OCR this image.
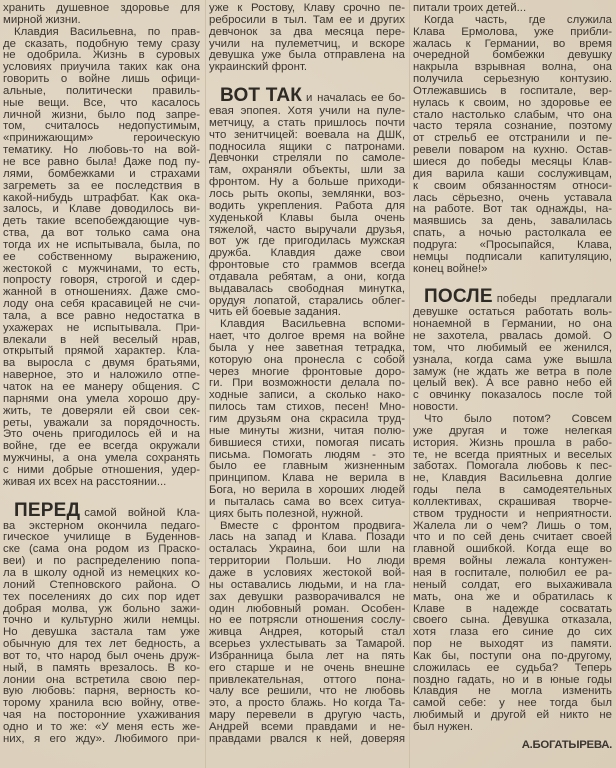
хранить душевное здоровье для
мирной жизни.
Клавдия Васильевна, по прав-
де сказать, подобную тему сразу
не одобрила. Жизнь в суровых
условиях приучила таких как она
говорить о войне лишь офици-
альные, политически правиль-
ные вещи. Все, что касалось
личной жизни, было под запре-
том, считалось недопустимым,
«принижающим» героическую
тематику. Но любовь-то на вой-
не все равно была! Даже под пу-
лями, бомбежками и страхами
загреметь за ее последствия в
какой-нибудь штрафбат. Как ока-
залось, и Клаве доводилось ви-
деть такие всепобеждающие чув-
ства, да вот только сама она
тогда их не испытывала, была, по
ее собственному выражению,
жестокой с мужчинами, то есть,
попросту говоря, строгой и сдер-
жанной в отношениях. Даже смо-
лоду она себя красавицей не счи-
тала, а все равно недостатка в
ухажерах не испытывала. При-
влекали в ней веселый нрав,
открытый прямой характер. Кла-
ва выросла с двумя братьями,
наверное, это и наложило отпе-
чаток на ее манеру общения. С
парнями она умела хорошо дру-
жить, те доверяли ей свои сек-
реты, уважали за порядочность.
Это очень пригодилось ей и на
войне, где ее всегда окружали
мужчины, а она умела сохранять
с ними добрые отношения, удер-
живая их всех на расстоянии...
ПЕРЕД самой войной Кла-
ва экстерном окончила педаго-
гическое училище в Буденнов-
ске (сама она родом из Праско-
веи) и по распределению попа-
ла в школу одной из немецких ко-
лоний Степновского района. О
тех поселениях до сих пор идет
добрая молва, уж больно зажи-
точно и культурно жили немцы.
Но девушка застала там уже
обычную для тех лет бедность, а
вот то, что народ был очень друж-
ный, в память врезалось. В ко-
лонии она встретила свою пер-
вую любовь: парня, верность ко-
торому хранила всю войну, отве-
чая на посторонние ухаживания
одно и то же: «У меня есть же-
них, я его жду». Любимого при-
уже к Ростову, Клаву срочно пе-
ребросили в тыл. Там ее и других
девчонок за два месяца пере-
учили на пулеметчиц, и вскоре
девушка уже была отправлена на
украинский фронт.
ВОТ ТАК и началась ее бо-
евая эпопея. Хотя учили на пуле-
метчицу, а стать пришлось почти
что зенитчицей: воевала на ДШК,
подносила ящики с патронами.
Девчонки стреляли по самоле-
там, охраняли объекты, шли за
фронтом. Ну а больше приходи-
лось рыть окопы, землянки, воз-
водить укрепления. Работа для
худенькой Клавы была очень
тяжелой, часто выручали друзья,
вот уж где пригодилась мужская
дружба. Клавдия даже свои
фронтовые сто граммов всегда
отдавала ребятам, а они, когда
выдавалась свободная минутка,
орудуя лопатой, старались облег-
чить ей боевые задания.
Клавдия Васильевна вспоми-
нает, что долгое время на войне
была у нее заветная тетрадка,
которую она пронесла с собой
через многие фронтовые доро-
ги. При возможности делала по-
ходные записи, а сколько нако-
пилось там стихов, песен! Мно-
гим друзьям она скрасила труд-
ные минуты жизни, читая полю-
бившиеся стихи, помогая писать
письма. Помогать людям - это
было ее главным жизненным
принципом. Клава не верила в
Бога, но верила в хороших людей
и пыталась сама во всех ситуа-
циях быть полезной, нужной.
Вместе с фронтом продвига-
лась на запад и Клава. Позади
осталась Украина, бои шли на
территории Польши. Но люди
даже в условиях жестокой вой-
ны оставались людьми, и на гла-
зах девушки разворачивался не
один любовный роман. Особен-
но ее потрясли отношения сослу-
живца Андрея, который стал
всерьез ухлестывать за Тамарой.
Избранница была лет на пять
его старше и не очень внешне
привлекательная, оттого пона-
чалу все решили, что не любовь
это, а просто блажь. Но когда Та-
мару перевели в другую часть,
Андрей всеми правдами и не-
правдами рвался к ней, доверяя
питали троих детей...
Когда часть, где служила
Клава Ермолова, уже прибли-
жалась к Германии, во время
очередной бомбежки девушку
накрыла взрывная волна, она
получила серьезную контузию.
Отлежавшись в госпитале, вер-
нулась к своим, но здоровье ее
стало настолько слабым, что она
часто теряла сознание, поэтому
от стрельб ее отстранили и пе-
ревели поваром на кухню. Остав-
шиеся до победы месяцы Клав-
дия варила каши сослуживцам,
к своим обязанностям относи-
лась сёрьезно, очень уставала
на работе. Вот так однажды, на-
маявшись за день, завалилась
спать, а ночью растолкала ее
подруга: «Просыпайся, Клава,
немцы подписали капитуляцию,
конец войне!»
ПОСЛЕ победы предлагали
девушке остаться работать воль-
нонаемной в Германии, но она
не захотела, рвалась домой. О
том, что любимый ее женился,
узнала, когда сама уже вышла
замуж (не ждать же ветра в поле
целый век). А все равно небо ей
с овчинку показалось после той
новости.
Что было потом? Совсем
уже другая и тоже нелегкая
история. Жизнь прошла в рабо-
те, не всегда приятных и веселых
заботах. Помогала любовь к пес-
не, Клавдия Васильевна долгие
годы пела в самодеятельных
коллективах, скрашивая творче-
ством трудности и неприятности.
Жалела ли о чем? Лишь о том,
что и по сей день считает своей
главной ошибкой. Когда еще во
время войны лежала контужен-
ная в госпитале, полюбил ее ра-
неный солдат, его выхаживала
мать, она же и обратилась к
Клаве в надежде сосватать
своего сына. Девушка отказала,
хотя глаза его синие до сих
пор не выходят из памяти.
Как бы, поступи она по-другому,
сложилась ее судьба? Теперь
поздно гадать, но и в юные годы
Клавдия не могла изменить
самой себе: у нее тогда был
любимый и другой ей никто не
был нужен.
А.БОГАТЫРЕВА.
